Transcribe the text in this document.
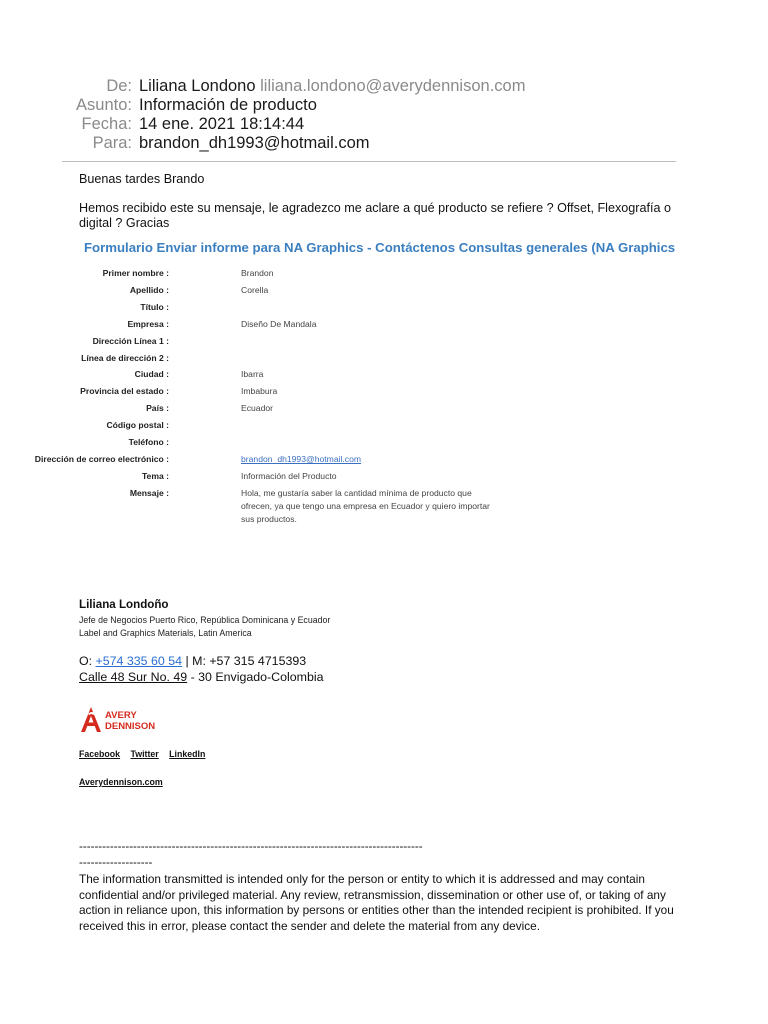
De: Liliana Londono liliana.londono@averydennison.com
Asunto: Información de producto
Fecha: 14 ene. 2021 18:14:44
Para: brandon_dh1993@hotmail.com
Buenas tardes Brando
Hemos recibido este su mensaje, le agradezco me aclare a qué producto se refiere ? Offset, Flexografía o
digital ? Gracias
Formulario Enviar informe para NA Graphics - Contáctenos Consultas generales (NA Graphics
Primer nombre :	Brandon
Apellido :	Corella
Título :
Empresa :	Diseño De Mandala
Dirección Línea 1 :
Línea de dirección 2 :
Ciudad :	Ibarra
Provincia del estado :	Imbabura
País :	Ecuador
Código postal :
Teléfono :
Dirección de correo electrónico :	brandon_dh1993@hotmail.com
Tema :	Información del Producto
Mensaje :	Hola, me gustaría saber la cantidad mínima de producto que
ofrecen, ya que tengo una empresa en Ecuador y quiero importar
sus productos.
Liliana Londoño
Jefe de Negocios Puerto Rico, República Dominicana y Ecuador
Label and Graphics Materials, Latin America
O: +574 335 60 54 | M: +57 315 4715393
Calle 48 Sur No. 49 - 30 Envigado-Colombia
AVERY
DENNISON
Facebook Twitter LinkedIn
Averydennison.com
-----------------------------------------------------------------------------------------
-------------------
The information transmitted is intended only for the person or entity to which it is addressed and may contain confidential and/or privileged material. Any review, retransmission, dissemination or other use of, or taking of any action in reliance upon, this information by persons or entities other than the intended recipient is prohibited. If you received this in error, please contact the sender and delete the material from any device.
